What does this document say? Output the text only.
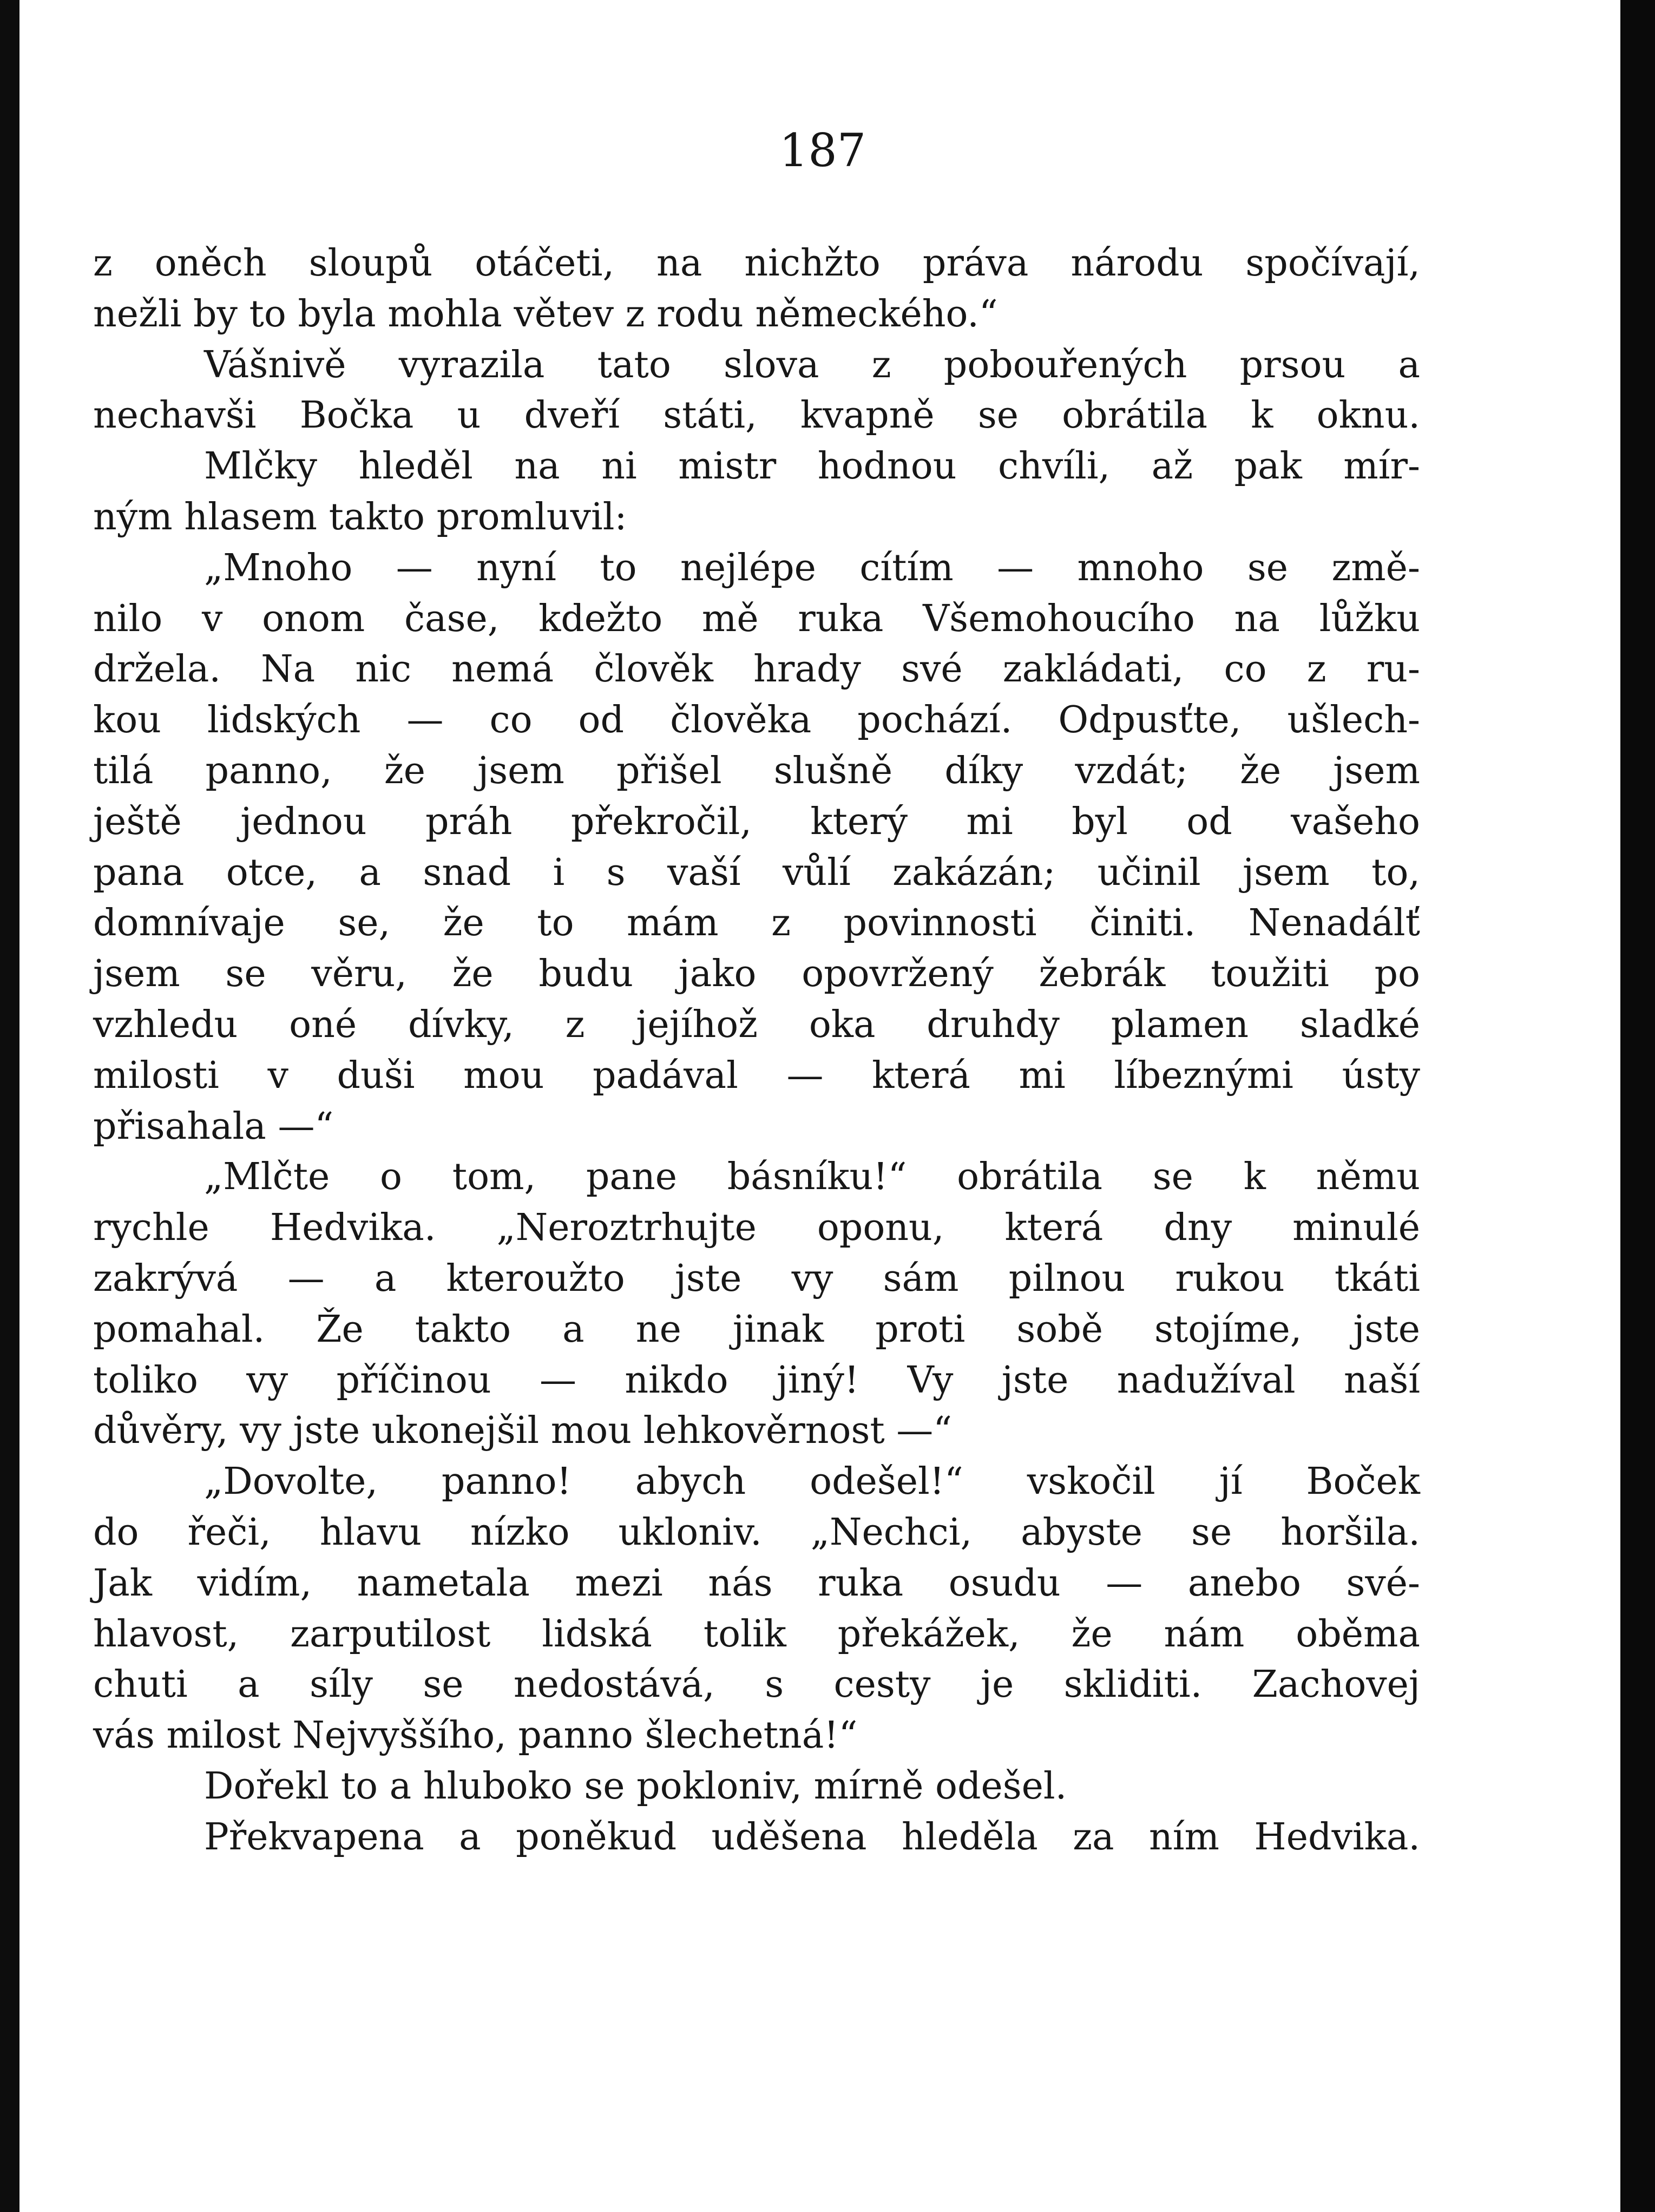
187
z oněch sloupů otáčeti, na nichžto práva národu spočívají,
nežli by to byla mohla větev z rodu německého.“
Vášnivě vyrazila tato slova z pobouřených prsou a
nechavši Bočka u dveří státi, kvapně se obrátila k oknu.
Mlčky hleděl na ni mistr hodnou chvíli, až pak mír-
ným hlasem takto promluvil:
„Mnoho — nyní to nejlépe cítím — mnoho se změ-
nilo v onom čase, kdežto mě ruka Všemohoucího na lůžku
držela. Na nic nemá člověk hrady své zakládati, co z ru-
kou lidských — co od člověka pochází. Odpusťte, ušlech-
tilá panno, že jsem přišel slušně díky vzdát; že jsem
ještě jednou práh překročil, který mi byl od vašeho
pana otce, a snad i s vaší vůlí zakázán; učinil jsem to,
domnívaje se, že to mám z povinnosti činiti. Nenadálť
jsem se věru, že budu jako opovržený žebrák toužiti po
vzhledu oné dívky, z jejíhož oka druhdy plamen sladké
milosti v duši mou padával — která mi líbeznými ústy
přisahala —“
„Mlčte o tom, pane básníku!“ obrátila se k němu
rychle Hedvika. „Neroztrhujte oponu, která dny minulé
zakrývá — a kteroužto jste vy sám pilnou rukou tkáti
pomahal. Že takto a ne jinak proti sobě stojíme, jste
toliko vy příčinou — nikdo jiný! Vy jste nadužíval naší
důvěry, vy jste ukonejšil mou lehkověrnost —“
„Dovolte, panno! abych odešel!“ vskočil jí Boček
do řeči, hlavu nízko ukloniv. „Nechci, abyste se horšila.
Jak vidím, nametala mezi nás ruka osudu — anebo své-
hlavost, zarputilost lidská tolik překážek, že nám oběma
chuti a síly se nedostává, s cesty je skliditi. Zachovej
vás milost Nejvyššího, panno šlechetná!“
Dořekl to a hluboko se pokloniv, mírně odešel.
Překvapena a poněkud uděšena hleděla za ním Hedvika.
